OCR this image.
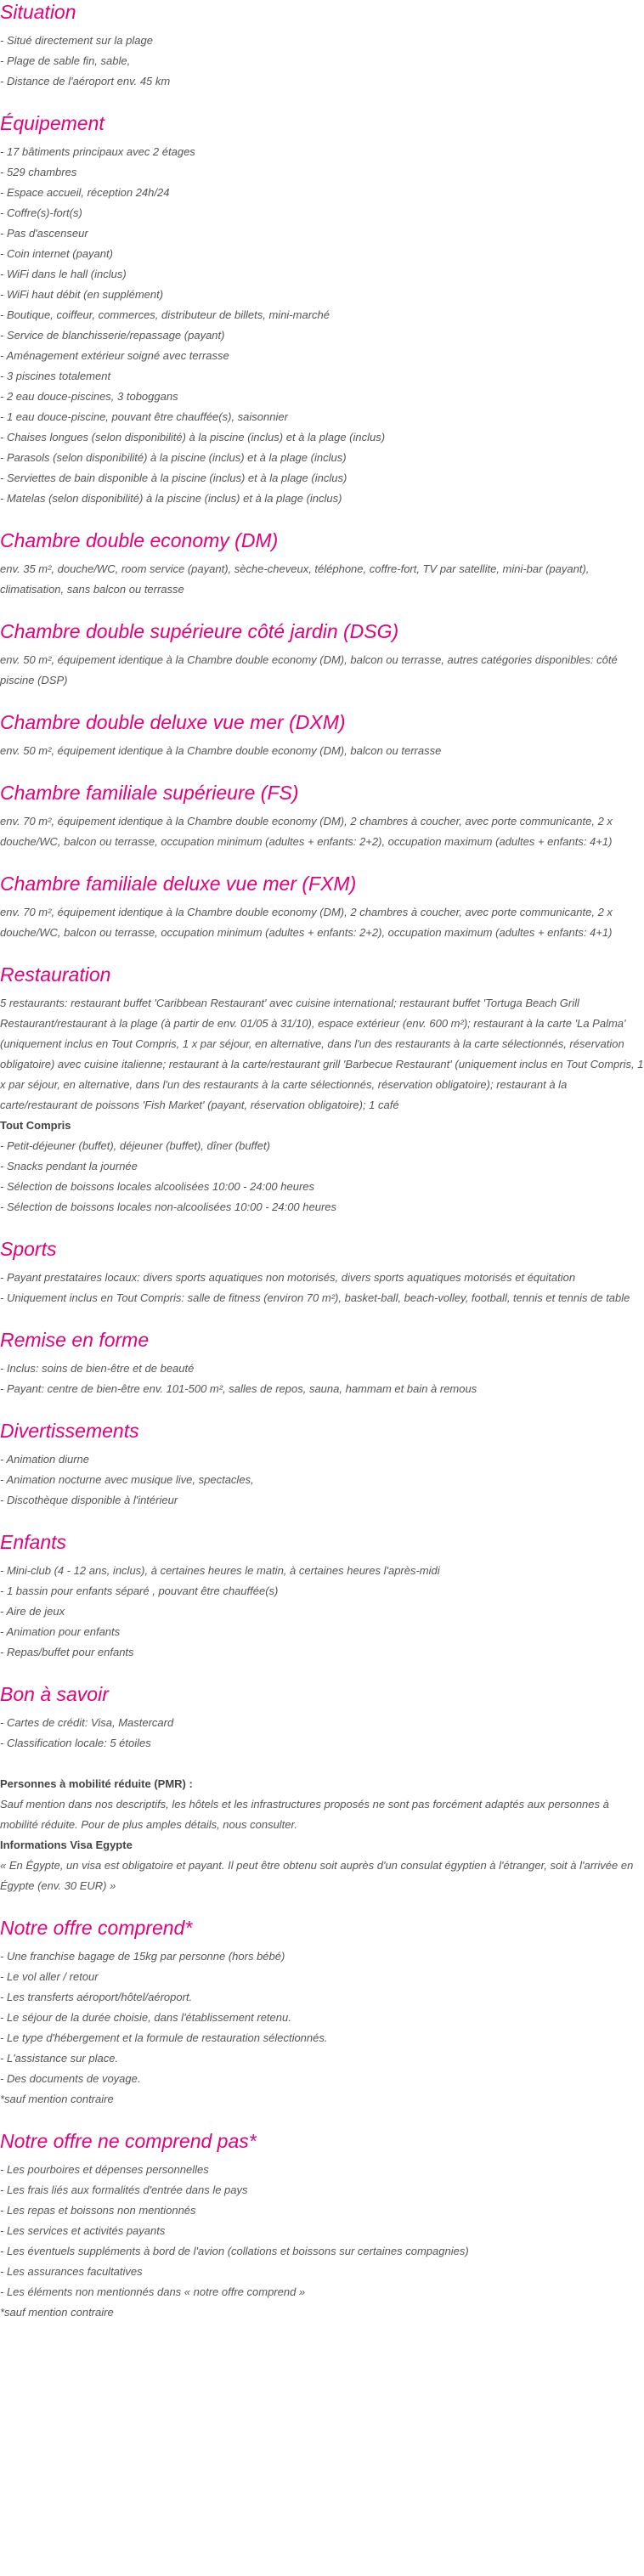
Situation

- Situé directement sur la plage

- Plage de sable fin, sable,

- Distance de l'aéroport env. 45 km

Équipement

- 17 bâtiments principaux avec 2 étages

- 529 chambres

- Espace accueil, réception 24h/24

- Coffre(s)-fort(s)

- Pas d'ascenseur

- Coin internet (payant)

- WiFi dans le hall (inclus)

- WiFi haut débit (en supplément)

- Boutique, coiffeur, commerces, distributeur de billets, mini-marché

- Service de blanchisserie/repassage (payant)

- Aménagement extérieur soigné avec terrasse

- 3 piscines totalement

- 2 eau douce-piscines, 3 toboggans

- 1 eau douce-piscine, pouvant être chauffée(s), saisonnier

- Chaises longues (selon disponibilité) à la piscine (inclus) et à la plage (inclus)

- Parasols (selon disponibilité) à la piscine (inclus) et à la plage (inclus)

- Serviettes de bain disponible à la piscine (inclus) et à la plage (inclus)

- Matelas (selon disponibilité) à la piscine (inclus) et à la plage (inclus)

Chambre double economy (DM)

env. 35 m², douche/WC, room service (payant), sèche-cheveux, téléphone, coffre-fort, TV par satellite, mini-bar (payant), climatisation, sans balcon ou terrasse

Chambre double supérieure côté jardin (DSG)

env. 50 m², équipement identique à la Chambre double economy (DM), balcon ou terrasse, autres catégories disponibles: côté piscine (DSP)

Chambre double deluxe vue mer (DXM)

env. 50 m², équipement identique à la Chambre double economy (DM), balcon ou terrasse

Chambre familiale supérieure (FS)

env. 70 m², équipement identique à la Chambre double economy (DM), 2 chambres à coucher, avec porte communicante, 2 x douche/WC, balcon ou terrasse, occupation minimum (adultes + enfants: 2+2), occupation maximum (adultes + enfants: 4+1)

Chambre familiale deluxe vue mer (FXM)

env. 70 m², équipement identique à la Chambre double economy (DM), 2 chambres à coucher, avec porte communicante, 2 x douche/WC, balcon ou terrasse, occupation minimum (adultes + enfants: 2+2), occupation maximum (adultes + enfants: 4+1)

Restauration

5 restaurants: restaurant buffet 'Caribbean Restaurant' avec cuisine international; restaurant buffet 'Tortuga Beach Grill Restaurant/restaurant à la plage (à partir de env. 01/05 à 31/10), espace extérieur (env. 600 m²); restaurant à la carte 'La Palma' (uniquement inclus en Tout Compris, 1 x par séjour, en alternative, dans l'un des restaurants à la carte sélectionnés, réservation obligatoire) avec cuisine italienne; restaurant à la carte/restaurant grill 'Barbecue Restaurant' (uniquement inclus en Tout Compris, 1 x par séjour, en alternative, dans l'un des restaurants à la carte sélectionnés, réservation obligatoire); restaurant à la carte/restaurant de poissons 'Fish Market' (payant, réservation obligatoire); 1 café

Tout Compris

- Petit-déjeuner (buffet), déjeuner (buffet), dîner (buffet)

- Snacks pendant la journée

- Sélection de boissons locales alcoolisées 10:00 - 24:00 heures

- Sélection de boissons locales non-alcoolisées 10:00 - 24:00 heures

Sports

- Payant prestataires locaux: divers sports aquatiques non motorisés, divers sports aquatiques motorisés et équitation

- Uniquement inclus en Tout Compris: salle de fitness (environ 70 m²), basket-ball, beach-volley, football, tennis et tennis de table

Remise en forme

- Inclus: soins de bien-être et de beauté

- Payant: centre de bien-être env. 101-500 m², salles de repos, sauna, hammam et bain à remous

Divertissements

- Animation diurne

- Animation nocturne avec musique live, spectacles,

- Discothèque disponible à l'intérieur

Enfants

- Mini-club (4 - 12 ans, inclus), à certaines heures le matin, à certaines heures l'après-midi

- 1 bassin pour enfants séparé , pouvant être chauffée(s)

- Aire de jeux

- Animation pour enfants

- Repas/buffet pour enfants

Bon à savoir

- Cartes de crédit: Visa, Mastercard

- Classification locale: 5 étoiles

Personnes à mobilité réduite (PMR) :

Sauf mention dans nos descriptifs, les hôtels et les infrastructures proposés ne sont pas forcément adaptés aux personnes à mobilité réduite. Pour de plus amples détails, nous consulter.

Informations Visa Egypte

« En Égypte, un visa est obligatoire et payant. Il peut être obtenu soit auprès d'un consulat égyptien à l'étranger, soit à l'arrivée en Égypte (env. 30 EUR) »

Notre offre comprend*

- Une franchise bagage de 15kg par personne (hors bébé)

- Le vol aller / retour

- Les transferts aéroport/hôtel/aéroport.

- Le séjour de la durée choisie, dans l'établissement retenu.

- Le type d'hébergement et la formule de restauration sélectionnés.

- L'assistance sur place.

- Des documents de voyage.

*sauf mention contraire

Notre offre ne comprend pas*

- Les pourboires et dépenses personnelles

- Les frais liés aux formalités d'entrée dans le pays

- Les repas et boissons non mentionnés

- Les services et activités payants

- Les éventuels suppléments à bord de l'avion (collations et boissons sur certaines compagnies)

- Les assurances facultatives

- Les éléments non mentionnés dans « notre offre comprend »

*sauf mention contraire
